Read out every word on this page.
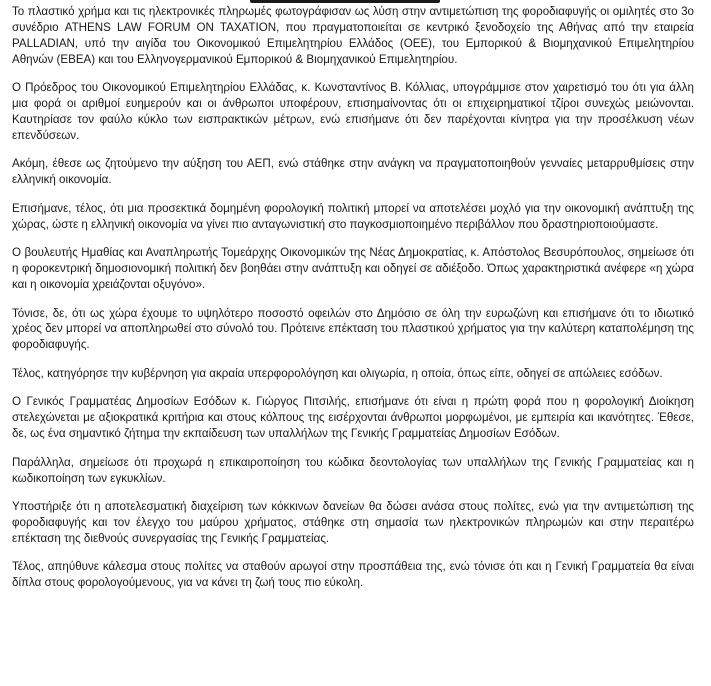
Το πλαστικό χρήμα και τις ηλεκτρονικές πληρωμές φωτογράφισαν ως λύση στην αντιμετώπιση της φοροδιαφυγής οι ομιλητές στο 3ο συνέδριο ATHENS LAW FORUM ON TAXATION, που πραγματοποιείται σε κεντρικό ξενοδοχείο της Αθήνας από την εταιρεία PALLADIAN, υπό την αιγίδα του Οικονομικού Επιμελητηρίου Ελλάδος (ΟΕΕ), του Εμπορικού & Βιομηχανικού Επιμελητηρίου Αθηνών (ΕΒΕΑ) και του Ελληνογερμανικού Εμπορικού & Βιομηχανικού Επιμελητηρίου.

Ο Πρόεδρος του Οικονομικού Επιμελητηρίου Ελλάδας, κ. Κωνσταντίνος Β. Κόλλιας, υπογράμμισε στον χαιρετισμό του ότι για άλλη μια φορά οι αριθμοί ευημερούν και οι άνθρωποι υποφέρουν, επισημαίνοντας ότι οι επιχειρηματικοί τζίροι συνεχώς μειώνονται. Καυτηρίασε τον φαύλο κύκλο των εισπρακτικών μέτρων, ενώ επισήμανε ότι δεν παρέχονται κίνητρα για την προσέλκυση νέων επενδύσεων.

Ακόμη, έθεσε ως ζητούμενο την αύξηση του ΑΕΠ, ενώ στάθηκε στην ανάγκη να πραγματοποιηθούν γενναίες μεταρρυθμίσεις στην ελληνική οικονομία.

Επισήμανε, τέλος, ότι μια προσεκτικά δομημένη φορολογική πολιτική μπορεί να αποτελέσει μοχλό για την οικονομική ανάπτυξη της χώρας, ώστε η ελληνική οικονομία να γίνει πιο ανταγωνιστική στο παγκοσμιοποιημένο περιβάλλον που δραστηριοποιούμαστε.

Ο βουλευτής Ημαθίας και Αναπληρωτής Τομεάρχης Οικονομικών της Νέας Δημοκρατίας, κ. Απόστολος Βεσυρόπουλος, σημείωσε ότι η φοροκεντρική δημοσιονομική πολιτική δεν βοηθάει στην ανάπτυξη και οδηγεί σε αδιέξοδο. Όπως χαρακτηριστικά ανέφερε «η χώρα και η οικονομία χρειάζονται οξυγόνο».

Τόνισε, δε, ότι ως χώρα έχουμε το υψηλότερο ποσοστό οφειλών στο Δημόσιο σε όλη την ευρωζώνη και επισήμανε ότι το ιδιωτικό χρέος δεν μπορεί να αποπληρωθεί στο σύνολό του. Πρότεινε επέκταση του πλαστικού χρήματος για την καλύτερη καταπολέμηση της φοροδιαφυγής.

Τέλος, κατηγόρησε την κυβέρνηση για ακραία υπερφορολόγηση και ολιγωρία, η οποία, όπως είπε, οδηγεί σε απώλειες εσόδων.

Ο Γενικός Γραμματέας Δημοσίων Εσόδων κ. Γιώργος Πιτσιλής, επισήμανε ότι είναι η πρώτη φορά που η φορολογική Διοίκηση στελεχώνεται με αξιοκρατικά κριτήρια και στους κόλπους της εισέρχονται άνθρωποι μορφωμένοι, με εμπειρία και ικανότητες. Έθεσε, δε, ως ένα σημαντικό ζήτημα την εκπαίδευση των υπαλλήλων της Γενικής Γραμματείας Δημοσίων Εσόδων.

Παράλληλα, σημείωσε ότι προχωρά η επικαιροποίηση του κώδικα δεοντολογίας των υπαλλήλων της Γενικής Γραμματείας και η κωδικοποίηση των εγκυκλίων.

Υποστήριξε ότι η αποτελεσματική διαχείριση των κόκκινων δανείων θα δώσει ανάσα στους πολίτες, ενώ για την αντιμετώπιση της φοροδιαφυγής και τον έλεγχο του μαύρου χρήματος, στάθηκε στη σημασία των ηλεκτρονικών πληρωμών και στην περαιτέρω επέκταση της διεθνούς συνεργασίας της Γενικής Γραμματείας.

Τέλος, απηύθυνε κάλεσμα στους πολίτες να σταθούν αρωγοί στην προσπάθεια της, ενώ τόνισε ότι και η Γενική Γραμματεία θα είναι δίπλα στους φορολογούμενους, για να κάνει τη ζωή τους πιο εύκολη.
